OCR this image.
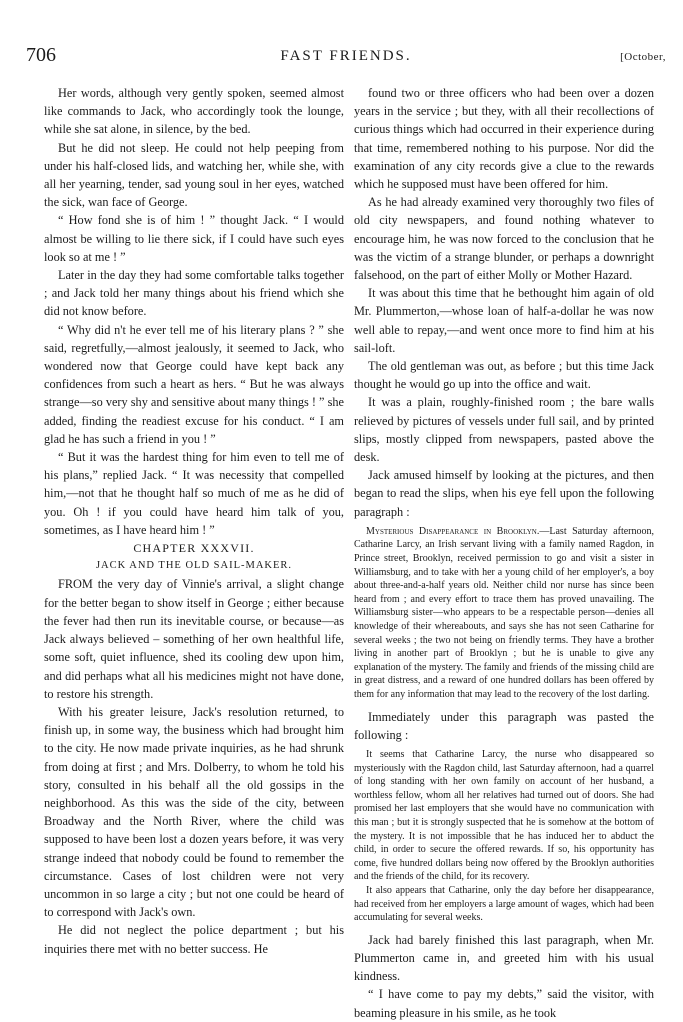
706	FAST FRIENDS.	[October,

Her words, although very gently spoken, seemed almost like commands to Jack, who accordingly took the lounge, while she sat alone, in silence, by the bed.

But he did not sleep. He could not help peeping from under his half-closed lids, and watching her, while she, with all her yearning, tender, sad young soul in her eyes, watched the sick, wan face of George.

“ How fond she is of him ! ” thought Jack. “ I would almost be willing to lie there sick, if I could have such eyes look so at me ! ”

Later in the day they had some comfortable talks together ; and Jack told her many things about his friend which she did not know before.

“ Why did n't he ever tell me of his literary plans ? ” she said, regretfully,—almost jealously, it seemed to Jack, who wondered now that George could have kept back any confidences from such a heart as hers. “ But he was always strange—so very shy and sensitive about many things ! ” she added, finding the readiest excuse for his conduct. “ I am glad he has such a friend in you ! ”

“ But it was the hardest thing for him even to tell me of his plans,” replied Jack. “ It was necessity that compelled him,—not that he thought half so much of me as he did of you. Oh ! if you could have heard him talk of you, sometimes, as I have heard him ! ”

CHAPTER XXXVII.

JACK AND THE OLD SAIL-MAKER.

FROM the very day of Vinnie's arrival, a slight change for the better began to show itself in George ; either because the fever had then run its inevitable course, or because—as Jack always believed – something of her own healthful life, some soft, quiet influence, shed its cooling dew upon him, and did perhaps what all his medicines might not have done, to restore his strength.

With his greater leisure, Jack's resolution returned, to finish up, in some way, the business which had brought him to the city. He now made private inquiries, as he had shrunk from doing at first ; and Mrs. Dolberry, to whom he told his story, consulted in his behalf all the old gossips in the neighborhood. As this was the side of the city, between Broadway and the North River, where the child was supposed to have been lost a dozen years before, it was very strange indeed that nobody could be found to remember the circumstance. Cases of lost children were not very uncommon in so large a city ; but not one could be heard of to correspond with Jack's own.

He did not neglect the police department ; but his inquiries there met with no better success. He

found two or three officers who had been over a dozen years in the service ; but they, with all their recollections of curious things which had occurred in their experience during that time, remembered nothing to his purpose. Nor did the examination of any city records give a clue to the rewards which he supposed must have been offered for him.

As he had already examined very thoroughly two files of old city newspapers, and found nothing whatever to encourage him, he was now forced to the conclusion that he was the victim of a strange blunder, or perhaps a downright falsehood, on the part of either Molly or Mother Hazard.

It was about this time that he bethought him again of old Mr. Plummerton,—whose loan of half-a-dollar he was now well able to repay,—and went once more to find him at his sail-loft.

The old gentleman was out, as before ; but this time Jack thought he would go up into the office and wait.

It was a plain, roughly-finished room ; the bare walls relieved by pictures of vessels under full sail, and by printed slips, mostly clipped from newspapers, pasted above the desk.

Jack amused himself by looking at the pictures, and then began to read the slips, when his eye fell upon the following paragraph :

Mysterious Disappearance in Brooklyn.—Last Saturday afternoon, Catharine Larcy, an Irish servant living with a family named Ragdon, in Prince street, Brooklyn, received permission to go and visit a sister in Williamsburg, and to take with her a young child of her employer's, a boy about three-and-a-half years old. Neither child nor nurse has since been heard from ; and every effort to trace them has proved unavailing. The Williamsburg sister—who appears to be a respectable person—denies all knowledge of their whereabouts, and says she has not seen Catharine for several weeks ; the two not being on friendly terms. They have a brother living in another part of Brooklyn ; but he is unable to give any explanation of the mystery. The family and friends of the missing child are in great distress, and a reward of one hundred dollars has been offered by them for any information that may lead to the recovery of the lost darling.

Immediately under this paragraph was pasted the following :

It seems that Catharine Larcy, the nurse who disappeared so mysteriously with the Ragdon child, last Saturday afternoon, had a quarrel of long standing with her own family on account of her husband, a worthless fellow, whom all her relatives had turned out of doors. She had promised her last employers that she would have no communication with this man ; but it is strongly suspected that he is somehow at the bottom of the mystery. It is not impossible that he has induced her to abduct the child, in order to secure the offered rewards. If so, his opportunity has come, five hundred dollars being now offered by the Brooklyn authorities and the friends of the child, for its recovery.

It also appears that Catharine, only the day before her disappearance, had received from her employers a large amount of wages, which had been accumulating for several weeks.

Jack had barely finished this last paragraph, when Mr. Plummerton came in, and greeted him with his usual kindness.

“ I have come to pay my debts,” said the visitor, with beaming pleasure in his smile, as he took
